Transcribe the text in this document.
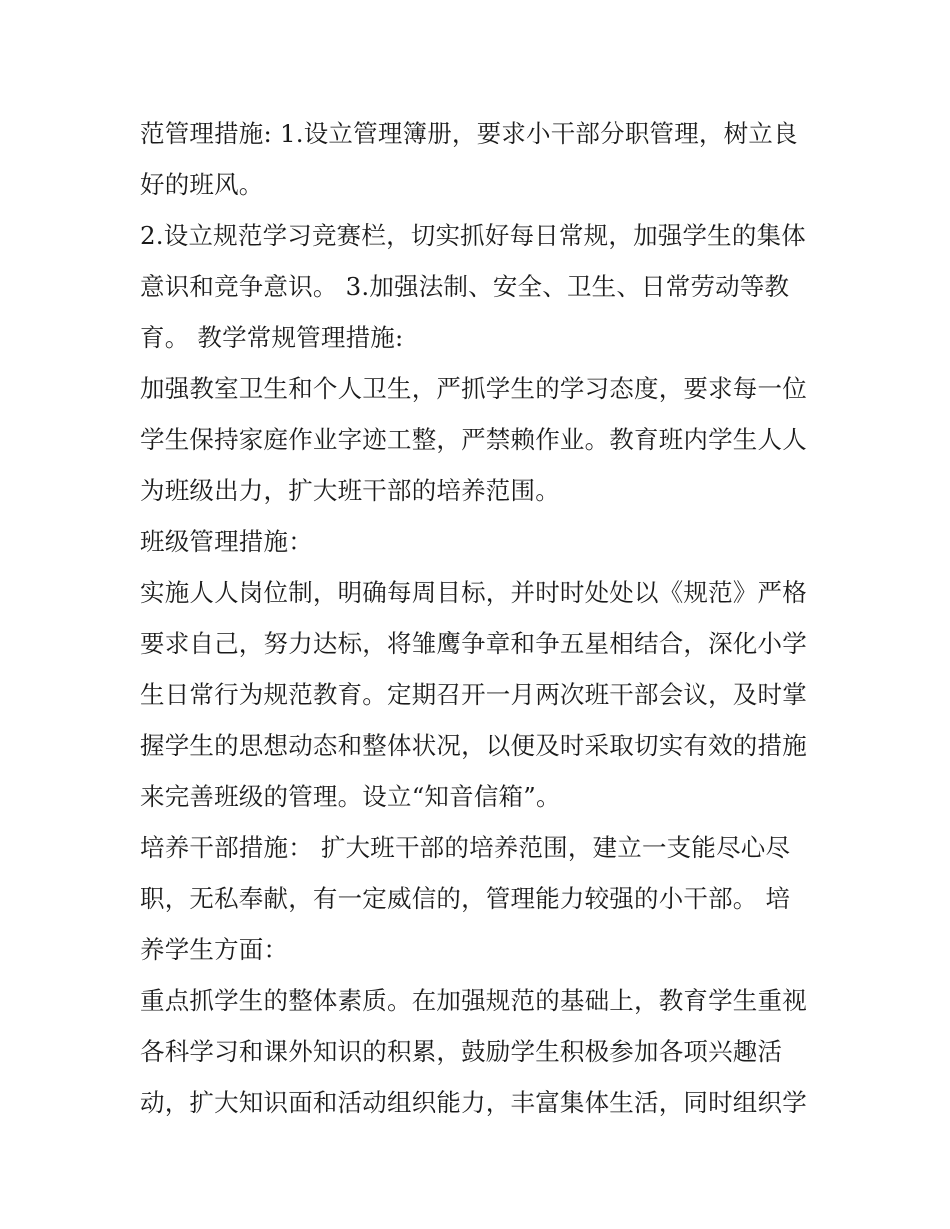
范管理措施: 1.设立管理簿册，要求小干部分职管理，树立良
好的班风。
2.设立规范学习竞赛栏，切实抓好每日常规，加强学生的集体
意识和竞争意识。 3.加强法制、安全、卫生、日常劳动等教
育。 教学常规管理措施:
加强教室卫生和个人卫生，严抓学生的学习态度，要求每一位
学生保持家庭作业字迹工整，严禁赖作业。教育班内学生人人
为班级出力，扩大班干部的培养范围。
班级管理措施：
实施人人岗位制，明确每周目标，并时时处处以《规范》严格
要求自己，努力达标，将雏鹰争章和争五星相结合，深化小学
生日常行为规范教育。定期召开一月两次班干部会议，及时掌
握学生的思想动态和整体状况，以便及时采取切实有效的措施
来完善班级的管理。设立“知音信箱”。
培养干部措施： 扩大班干部的培养范围，建立一支能尽心尽
职，无私奉献，有一定威信的，管理能力较强的小干部。 培
养学生方面：
重点抓学生的整体素质。在加强规范的基础上，教育学生重视
各科学习和课外知识的积累，鼓励学生积极参加各项兴趣活
动，扩大知识面和活动组织能力，丰富集体生活，同时组织学
